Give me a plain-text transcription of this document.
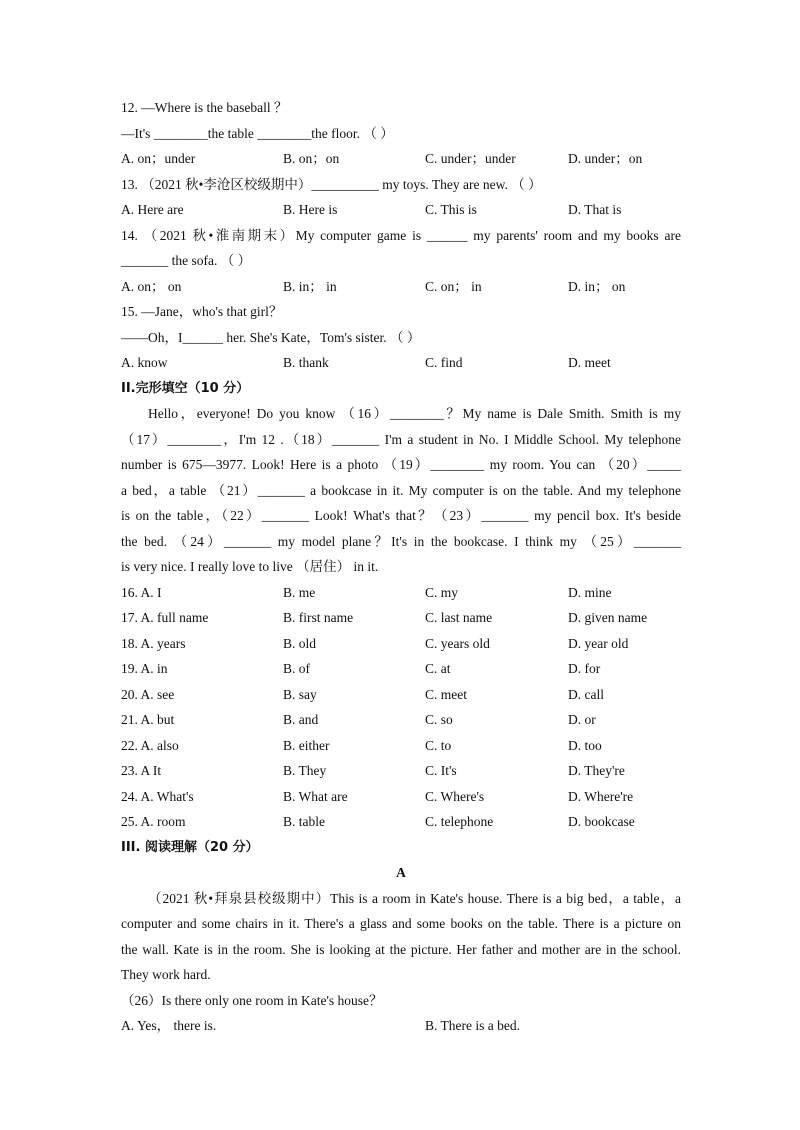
12. —Where is the baseball ？
—It's ________the table ________the floor. （ ）
A. on；under	B. on；on	C. under；under	D. under；on
13. （2021 秋•李沧区校级期中）__________ my toys. They are new. （ ）
A. Here are	B. Here is	C. This is	D. That is
14. （2021 秋•淮南期末）My computer game is ______ my parents' room and my books are
_______ the sofa. （ ）
A. on； on	B. in； in	C. on； in	D. in； on
15. —Jane，who's that girl？
——Oh，I______ her. She's Kate，Tom's sister. （ ）
A. know	B. thank	C. find	D. meet
II.完形填空（10 分）
Hello，everyone! Do you know （16）________？My name is Dale Smith. Smith is my
（17）________，I'm 12 .（18）_______ I'm a student in No. I Middle School. My telephone
number is 675—3977. Look! Here is a photo （19）________ my room. You can （20）_____
a bed，a table （21）_______ a bookcase in it. My computer is on the table. And my telephone
is on the table，（22）_______ Look! What's that？（23）_______ my pencil box. It's beside
the bed. （24）_______ my model plane？It's in the bookcase. I think my （25）_______
is very nice. I really love to live （居住） in it.
16. A. I	B. me	C. my	D. mine
17. A. full name	B. first name	C. last name	D. given name
18. A. years	B. old	C. years old	D. year old
19. A. in	B. of	C. at	D. for
20. A. see	B. say	C. meet	D. call
21. A. but	B. and	C. so	D. or
22. A. also	B. either	C. to	D. too
23. A It	B. They	C. It's	D. They're
24. A. What's	B. What are	C. Where's	D. Where're
25. A. room	B. table	C. telephone	D. bookcase
III. 阅读理解（20 分）
A
（2021 秋•拜泉县校级期中）This is a room in Kate's house. There is a big bed，a table，a
computer and some chairs in it. There's a glass and some books on the table. There is a picture on
the wall. Kate is in the room. She is looking at the picture. Her father and mother are in the school.
They work hard.
（26）Is there only one room in Kate's house？
A. Yes， there is.	B. There is a bed.
